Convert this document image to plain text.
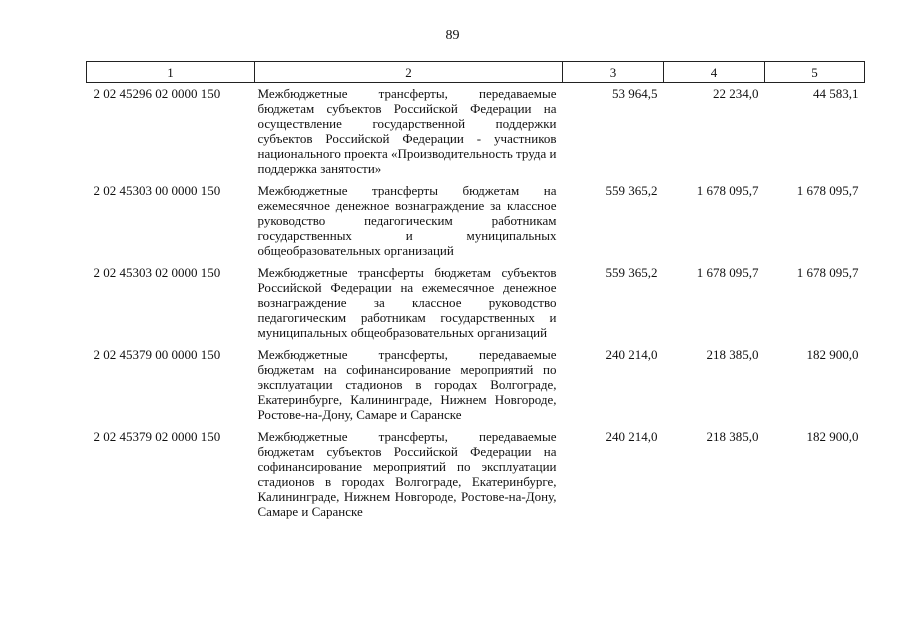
89
1	2	3	4	5
2 02 45296 02 0000 150	Межбюджетные трансферты, передаваемые бюджетам субъектов Российской Федерации на осуществление государственной поддержки субъектов Российской Федерации - участников национального проекта «Производительность труда и поддержка занятости»	53 964,5	22 234,0	44 583,1
2 02 45303 00 0000 150	Межбюджетные трансферты бюджетам на ежемесячное денежное вознаграждение за классное руководство педагогическим работникам государственных и муниципальных общеобразовательных организаций	559 365,2	1 678 095,7	1 678 095,7
2 02 45303 02 0000 150	Межбюджетные трансферты бюджетам субъектов Российской Федерации на ежемесячное денежное вознаграждение за классное руководство педагогическим работникам государственных и муниципальных общеобразовательных организаций	559 365,2	1 678 095,7	1 678 095,7
2 02 45379 00 0000 150	Межбюджетные трансферты, передаваемые бюджетам на софинансирование мероприятий по эксплуатации стадионов в городах Волгограде, Екатеринбурге, Калининграде, Нижнем Новгороде, Ростове-на-Дону, Самаре и Саранске	240 214,0	218 385,0	182 900,0
2 02 45379 02 0000 150	Межбюджетные трансферты, передаваемые бюджетам субъектов Российской Федерации на софинансирование мероприятий по эксплуатации стадионов в городах Волгограде, Екатеринбурге, Калининграде, Нижнем Новгороде, Ростове-на-Дону, Самаре и Саранске	240 214,0	218 385,0	182 900,0
